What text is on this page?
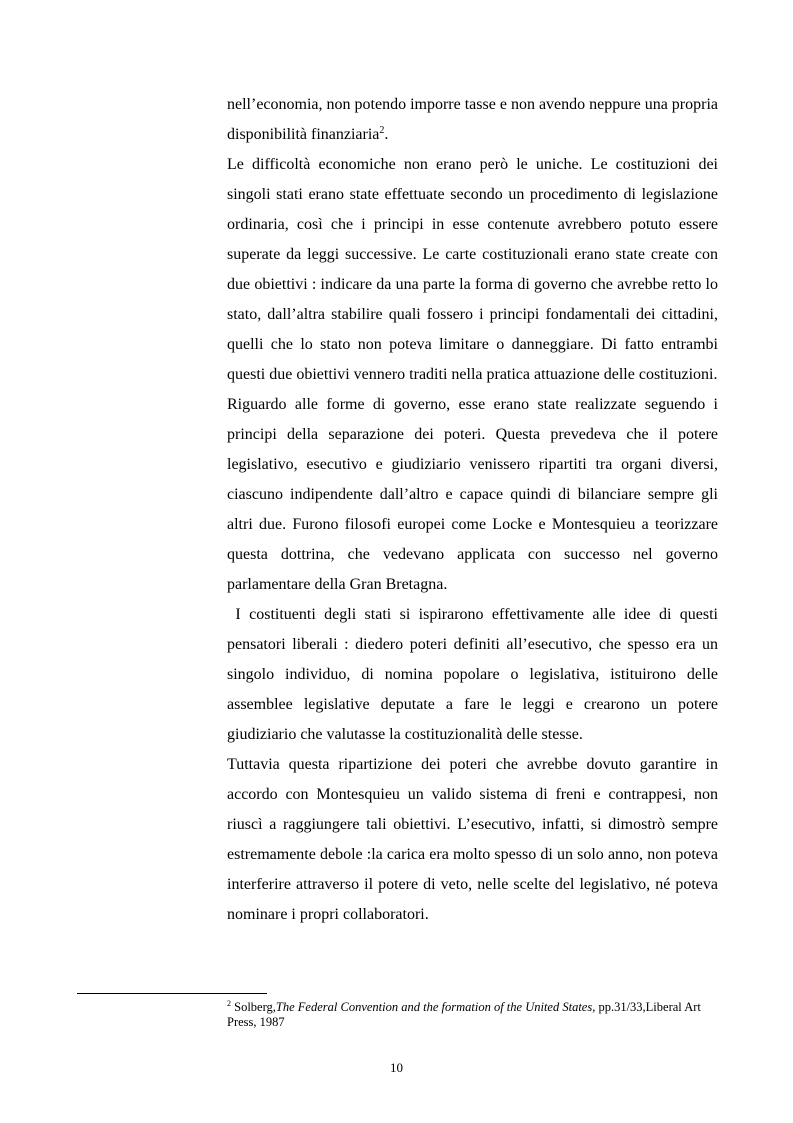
nell’economia, non potendo imporre tasse e non avendo neppure una propria disponibilità finanziaria$^2$.

Le difficoltà economiche non erano però le uniche. Le costituzioni dei singoli stati erano state effettuate secondo un procedimento di legislazione ordinaria, così che i principi in esse contenute avrebbero potuto essere superate da leggi successive. Le carte costituzionali erano state create con due obiettivi : indicare da una parte la forma di governo che avrebbe retto lo stato, dall’altra stabilire quali fossero i principi fondamentali dei cittadini, quelli che lo stato non poteva limitare o danneggiare. Di fatto entrambi questi due obiettivi vennero traditi nella pratica attuazione delle costituzioni.

Riguardo alle forme di governo, esse erano state realizzate seguendo i principi della separazione dei poteri. Questa prevedeva che il potere legislativo, esecutivo e giudiziario venissero ripartiti tra organi diversi, ciascuno indipendente dall’altro e capace quindi di bilanciare sempre gli altri due. Furono filosofi europei come Locke e Montesquieu a teorizzare questa dottrina, che vedevano applicata con successo nel governo parlamentare della Gran Bretagna.

I costituenti degli stati si ispirarono effettivamente alle idee di questi pensatori liberali : diedero poteri definiti all’esecutivo, che spesso era un singolo individuo, di nomina popolare o legislativa, istituirono delle assemblee legislative deputate a fare le leggi e crearono un potere giudiziario che valutasse la costituzionalità delle stesse.

Tuttavia questa ripartizione dei poteri che avrebbe dovuto garantire in accordo con Montesquieu un valido sistema di freni e contrappesi, non riuscì a raggiungere tali obiettivi. L’esecutivo, infatti, si dimostrò sempre estremamente debole :la carica era molto spesso di un solo anno, non poteva interferire attraverso il potere di veto, nelle scelte del legislativo, né poteva nominare i propri collaboratori.

$^2$ Solberg,The Federal Convention and the formation of the United States, pp.31/33,Liberal Art Press, 1987
10
